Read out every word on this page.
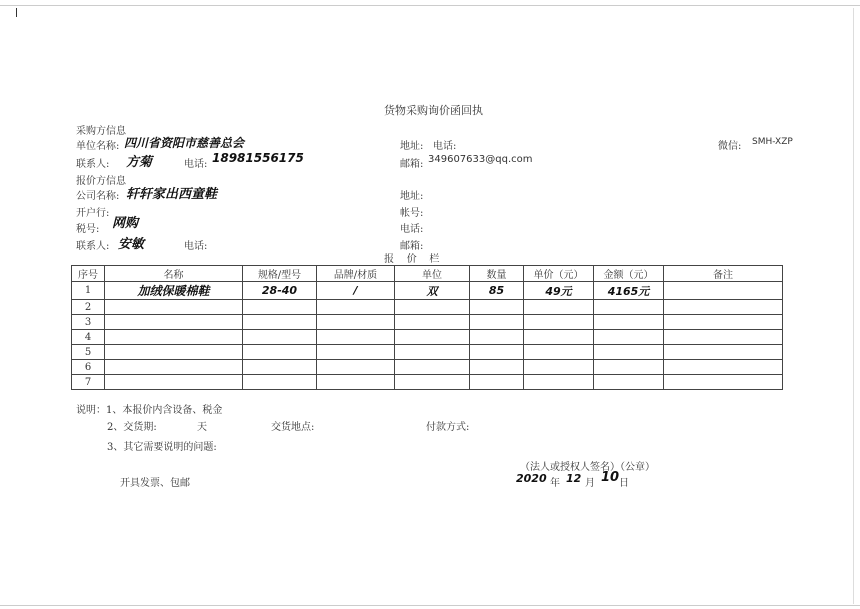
货物采购询价函回执
采购方信息
单位名称: 四川省资阳市慈善总会	地址: 电话:	微信: SMH-XZP
联系人: 方菊	电话: 18981556175	邮箱: 349607633@qq.com
报价方信息
公司名称: 轩轩家出西童鞋	地址:
开户行:	帐号:
税号: 网购	电话:
联系人: 安敏	电话:	邮箱:
报    价    栏
序号	名称	规格/型号	品牌/材质	单位	数量	单价（元）	金额（元）	备注
1	加绒保暖棉鞋	28-40	/	双	85	49元	4165元	
2								
3								
4								
5								
6								
7								
说明：1、本报价内含设备、税金
2、交货期:	天	交货地点:	付款方式:
3、其它需要说明的问题:
开具发票、包邮
（法人或授权人签名）（公章）
2020 年 12 月 10 日
